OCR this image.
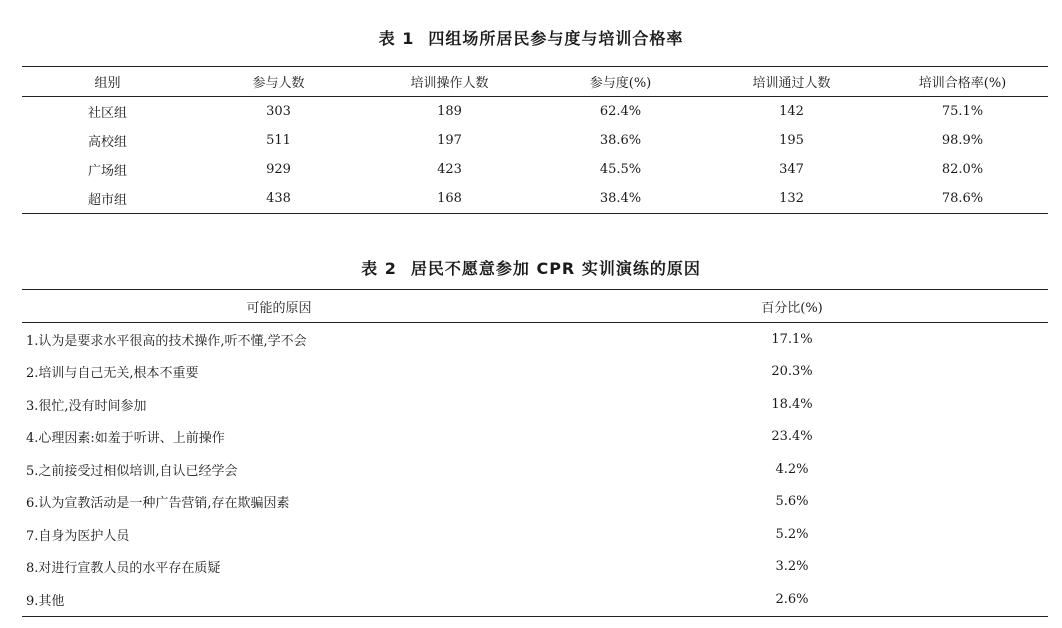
表 1 四组场所居民参与度与培训合格率
组别	参与人数	培训操作人数	参与度(%)	培训通过人数	培训合格率(%)
社区组	303	189	62.4%	142	75.1%
高校组	511	197	38.6%	195	98.9%
广场组	929	423	45.5%	347	82.0%
超市组	438	168	38.4%	132	78.6%
表 2 居民不愿意参加 CPR 实训演练的原因
可能的原因	百分比(%)
1.认为是要求水平很高的技术操作,听不懂,学不会	17.1%
2.培训与自己无关,根本不重要	20.3%
3.很忙,没有时间参加	18.4%
4.心理因素:如羞于听讲、上前操作	23.4%
5.之前接受过相似培训,自认已经学会	4.2%
6.认为宣教活动是一种广告营销,存在欺骗因素	5.6%
7.自身为医护人员	5.2%
8.对进行宣教人员的水平存在质疑	3.2%
9.其他	2.6%
